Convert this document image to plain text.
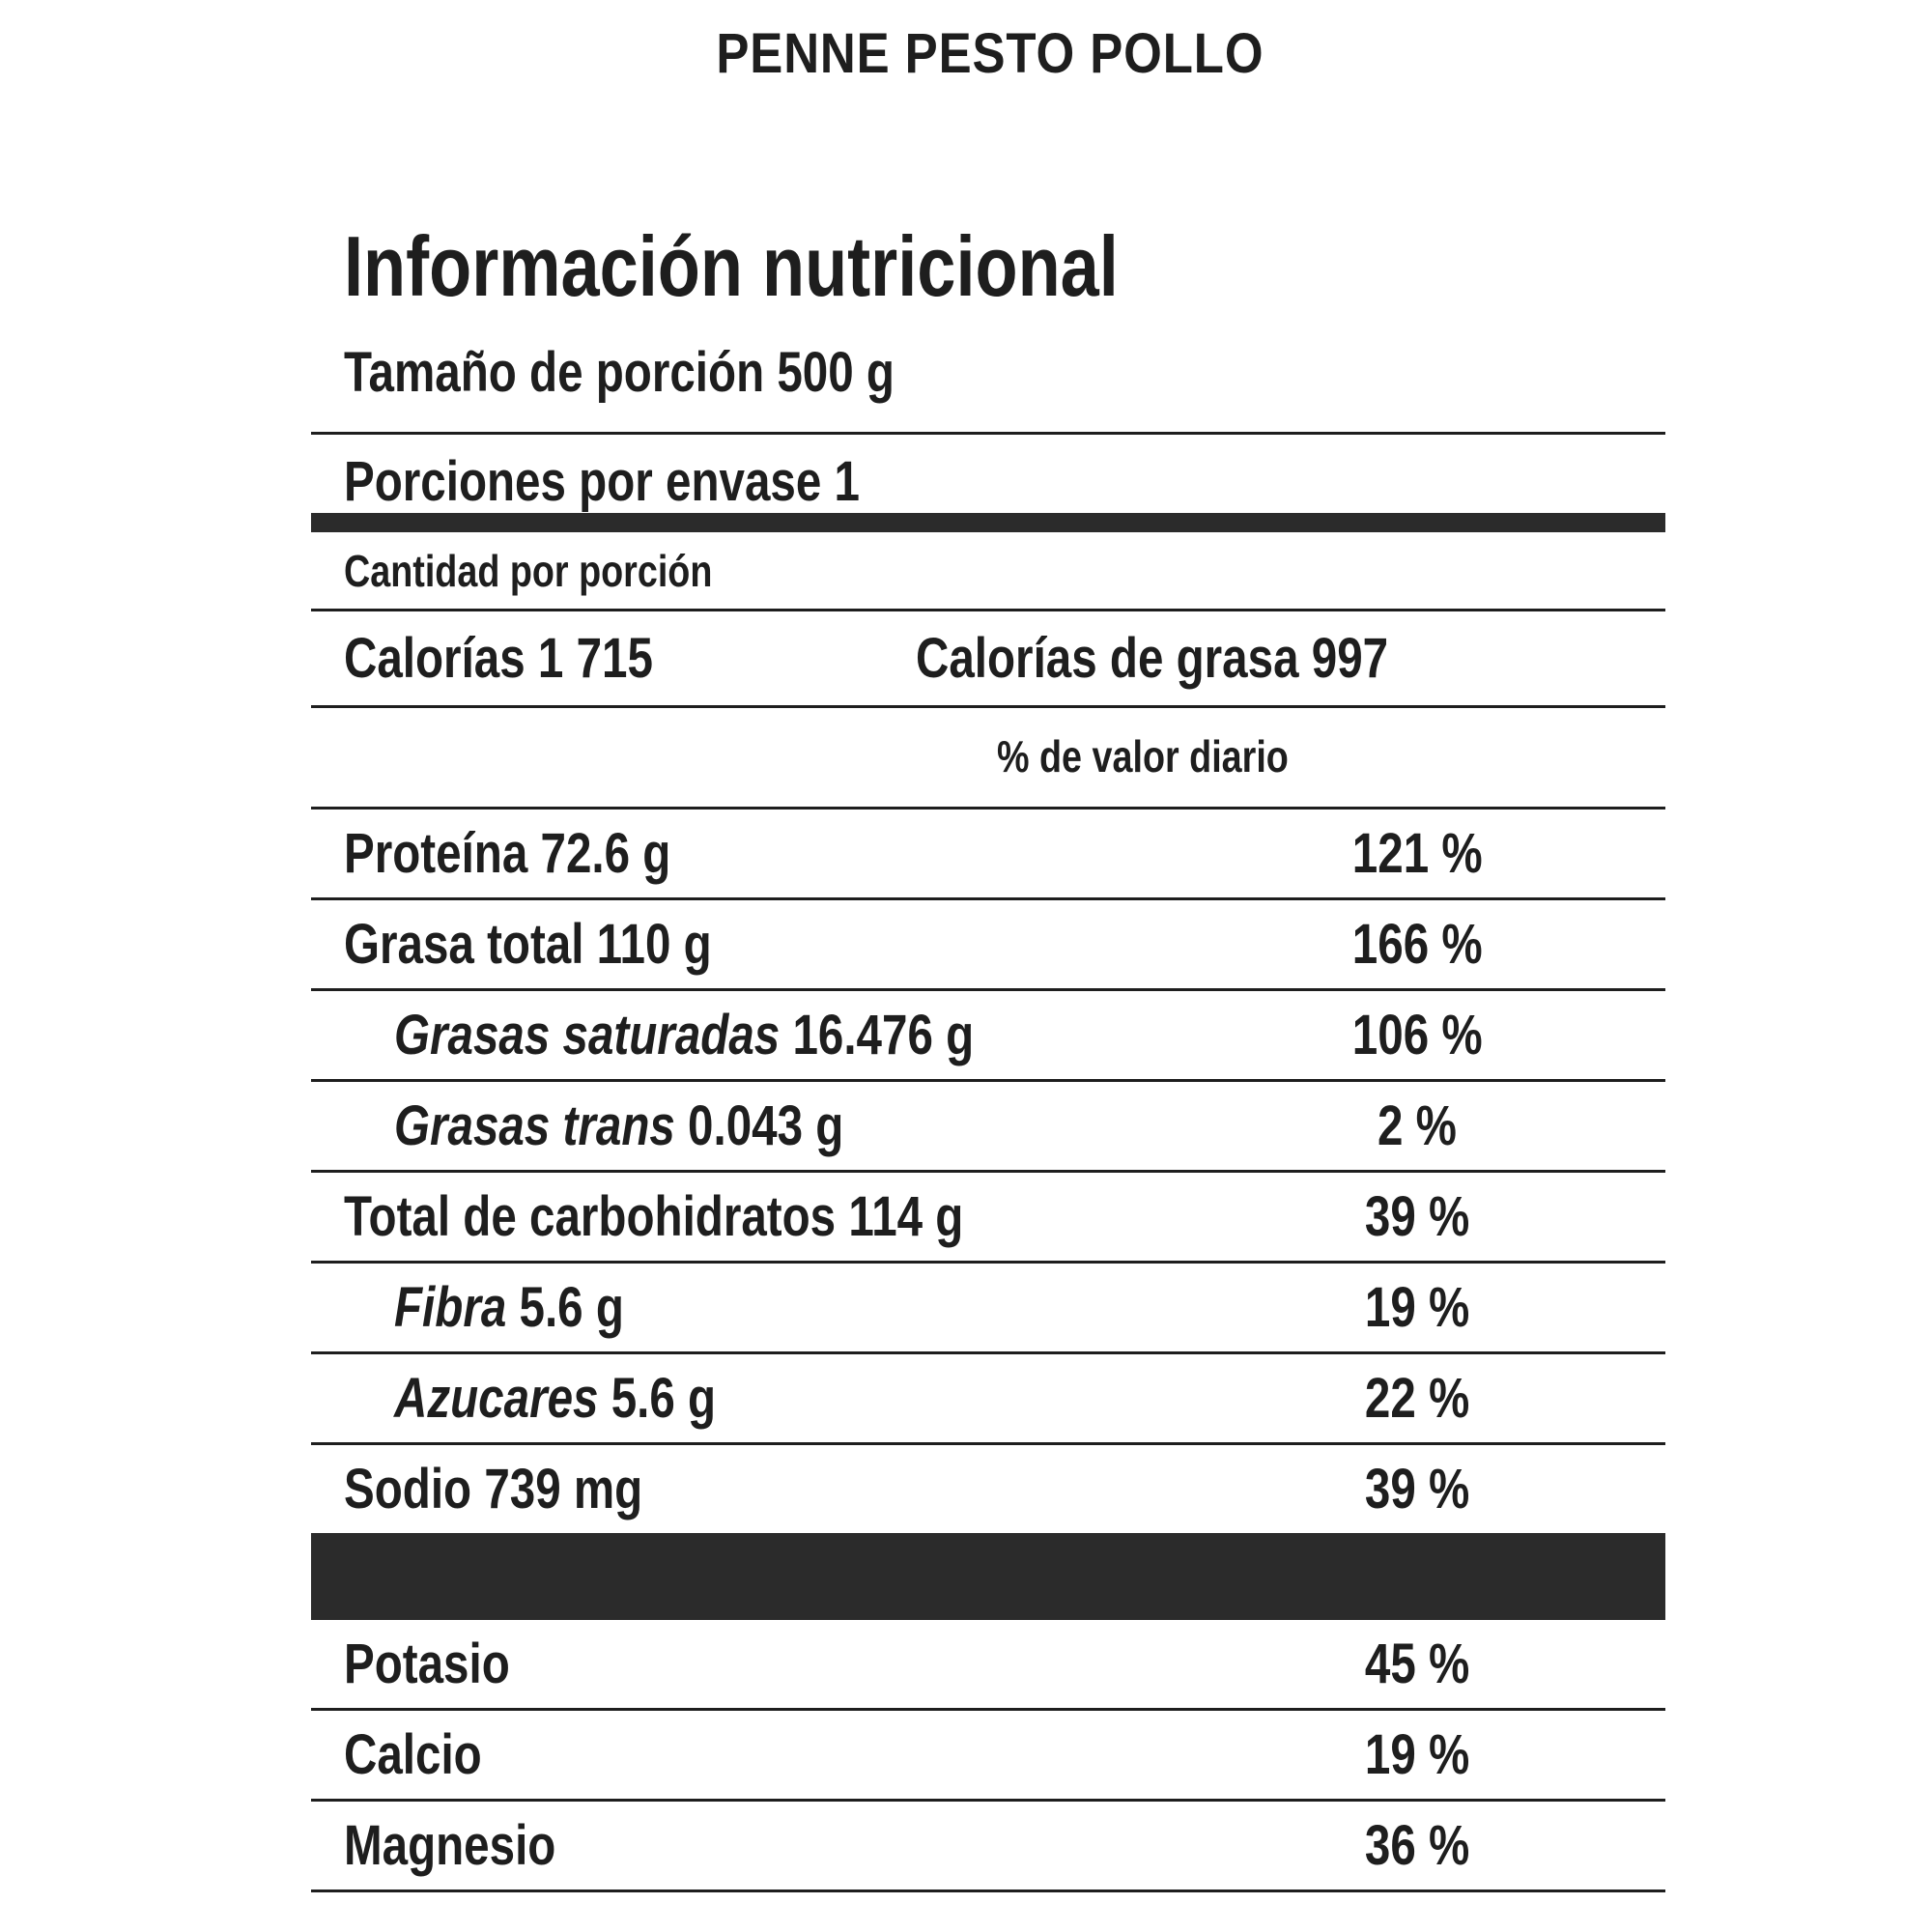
PENNE PESTO POLLO
Información nutricional
Tamaño de porción 500 g
Porciones por envase 1
Cantidad por porción
Calorías 1 715	Calorías de grasa 997
% de valor diario
Proteína 72.6 g	121 %
Grasa total 110 g	166 %
Grasas saturadas 16.476 g	106 %
Grasas trans 0.043 g	2 %
Total de carbohidratos 114 g	39 %
Fibra 5.6 g	19 %
Azucares 5.6 g	22 %
Sodio 739 mg	39 %
Potasio	45 %
Calcio	19 %
Magnesio	36 %
